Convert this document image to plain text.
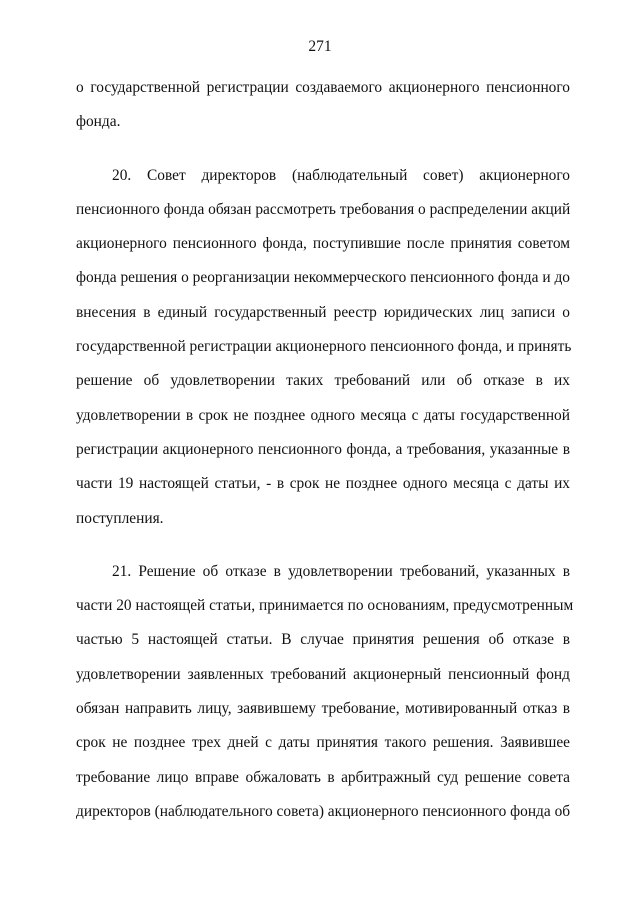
271

о государственной регистрации создаваемого акционерного пенсионного
фонда.

20. Совет директоров (наблюдательный совет) акционерного
пенсионного фонда обязан рассмотреть требования о распределении акций
акционерного пенсионного фонда, поступившие после принятия советом
фонда решения о реорганизации некоммерческого пенсионного фонда и до
внесения в единый государственный реестр юридических лиц записи о
государственной регистрации акционерного пенсионного фонда, и принять
решение об удовлетворении таких требований или об отказе в их
удовлетворении в срок не позднее одного месяца с даты государственной
регистрации акционерного пенсионного фонда, а требования, указанные в
части 19 настоящей статьи, - в срок не позднее одного месяца с даты их
поступления.

21. Решение об отказе в удовлетворении требований, указанных в
части 20 настоящей статьи, принимается по основаниям, предусмотренным
частью 5 настоящей статьи. В случае принятия решения об отказе в
удовлетворении заявленных требований акционерный пенсионный фонд
обязан направить лицу, заявившему требование, мотивированный отказ в
срок не позднее трех дней с даты принятия такого решения. Заявившее
требование лицо вправе обжаловать в арбитражный суд решение совета
директоров (наблюдательного совета) акционерного пенсионного фонда об
